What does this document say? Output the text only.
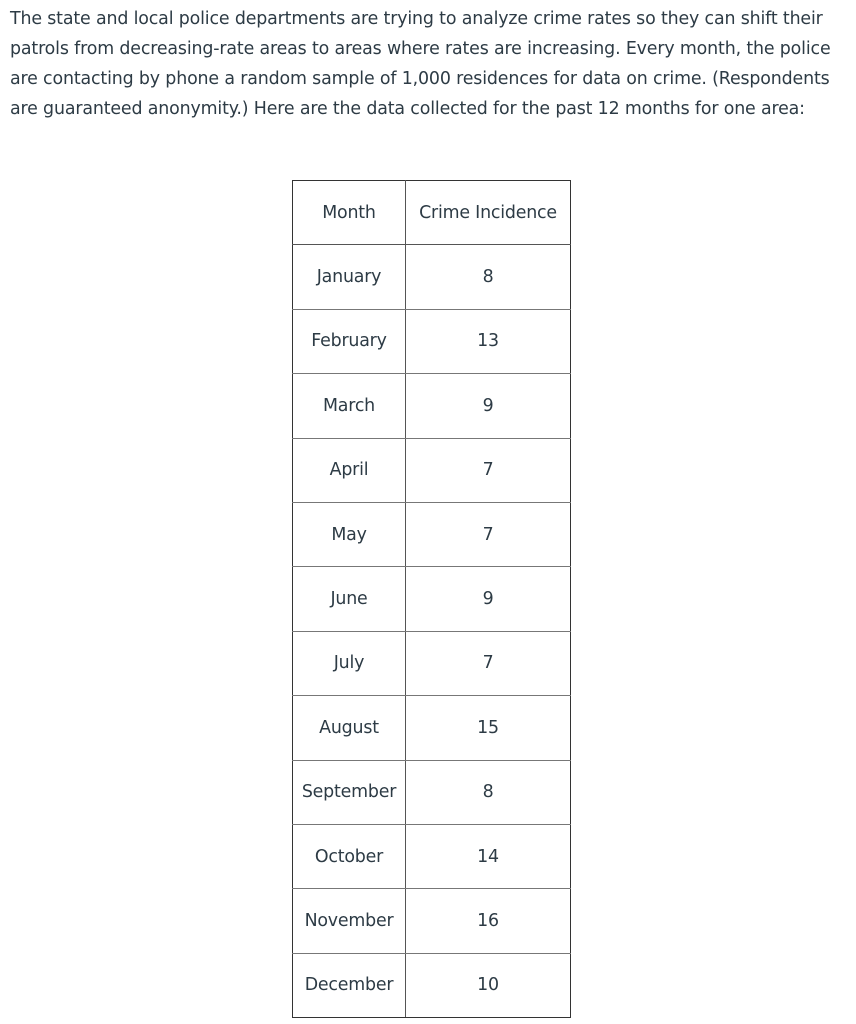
The state and local police departments are trying to analyze crime rates so they can shift their patrols from decreasing-rate areas to areas where rates are increasing. Every month, the police are contacting by phone a random sample of 1,000 residences for data on crime. (Respondents are guaranteed anonymity.) Here are the data collected for the past 12 months for one area:

Month	Crime Incidence
January	8
February	13
March	9
April	7
May	7
June	9
July	7
August	15
September	8
October	14
November	16
December	10
